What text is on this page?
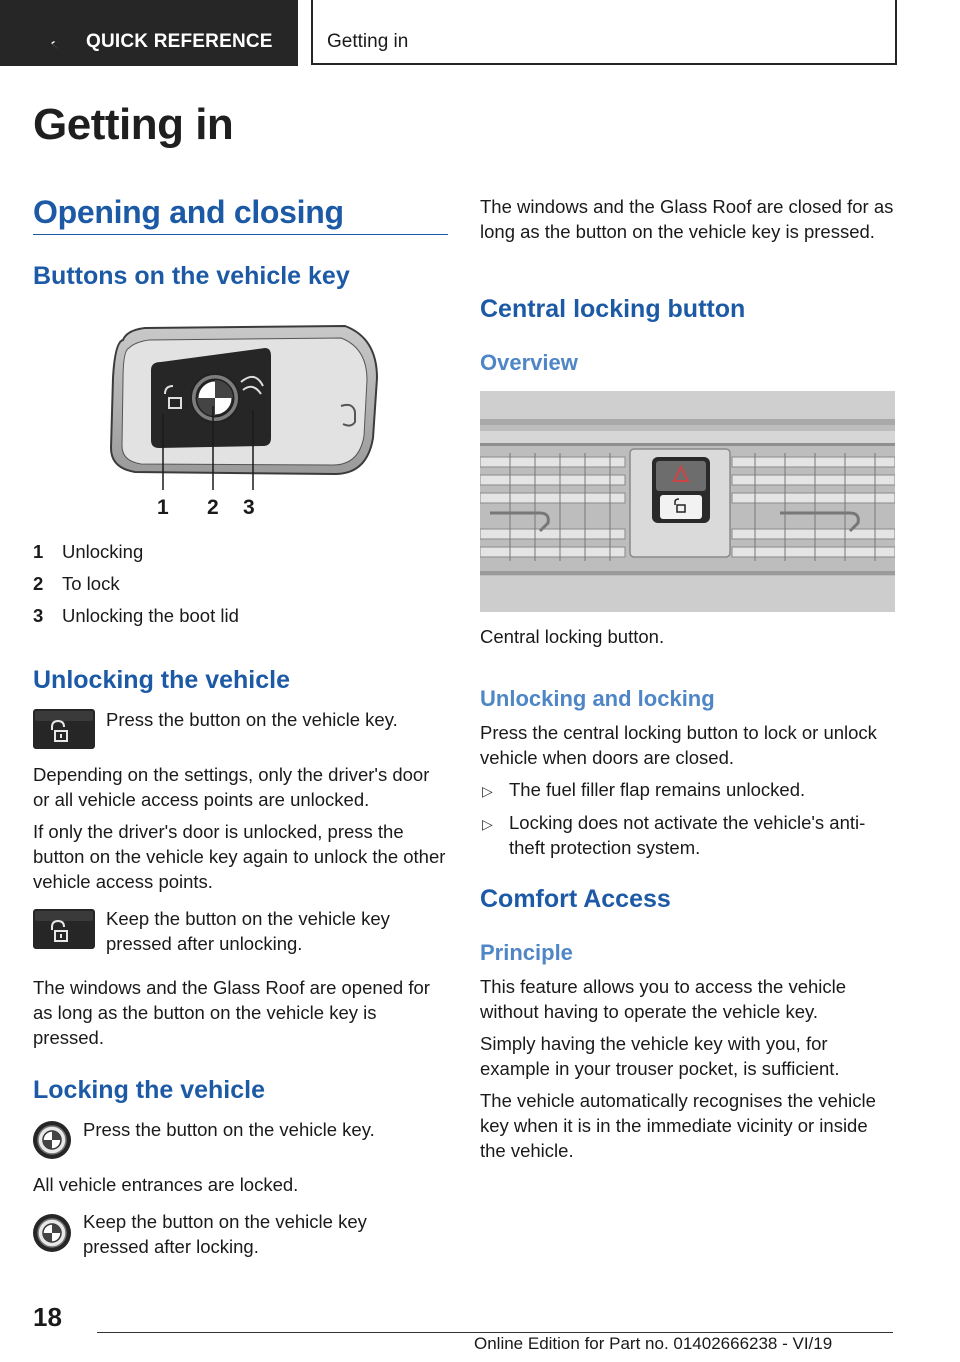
QUICK REFERENCE	Getting in
Getting in
Opening and closing
Buttons on the vehicle key
1 2 3
1 Unlocking
2 To lock
3 Unlocking the boot lid
Unlocking the vehicle

Press the button on the vehicle key.

Depending on the settings, only the driver's door or all vehicle access points are unlocked.

If only the driver's door is unlocked, press the button on the vehicle key again to unlock the other vehicle access points.

Keep the button on the vehicle key pressed after unlocking.

The windows and the Glass Roof are opened for as long as the button on the vehicle key is pressed.

Locking the vehicle

Press the button on the vehicle key.

All vehicle entrances are locked.

Keep the button on the vehicle key pressed after locking.

The windows and the Glass Roof are closed for as long as the button on the vehicle key is pressed.

Central locking button
Overview

Central locking button.

Unlocking and locking

Press the central locking button to lock or unlock vehicle when doors are closed.

▷ The fuel filler flap remains unlocked.

▷ Locking does not activate the vehicle's anti-theft protection system.

Comfort Access
Principle

This feature allows you to access the vehicle without having to operate the vehicle key.

Simply having the vehicle key with you, for example in your trouser pocket, is sufficient.

The vehicle automatically recognises the vehicle key when it is in the immediate vicinity or inside the vehicle.

18
Online Edition for Part no. 01402666238 - VI/19
